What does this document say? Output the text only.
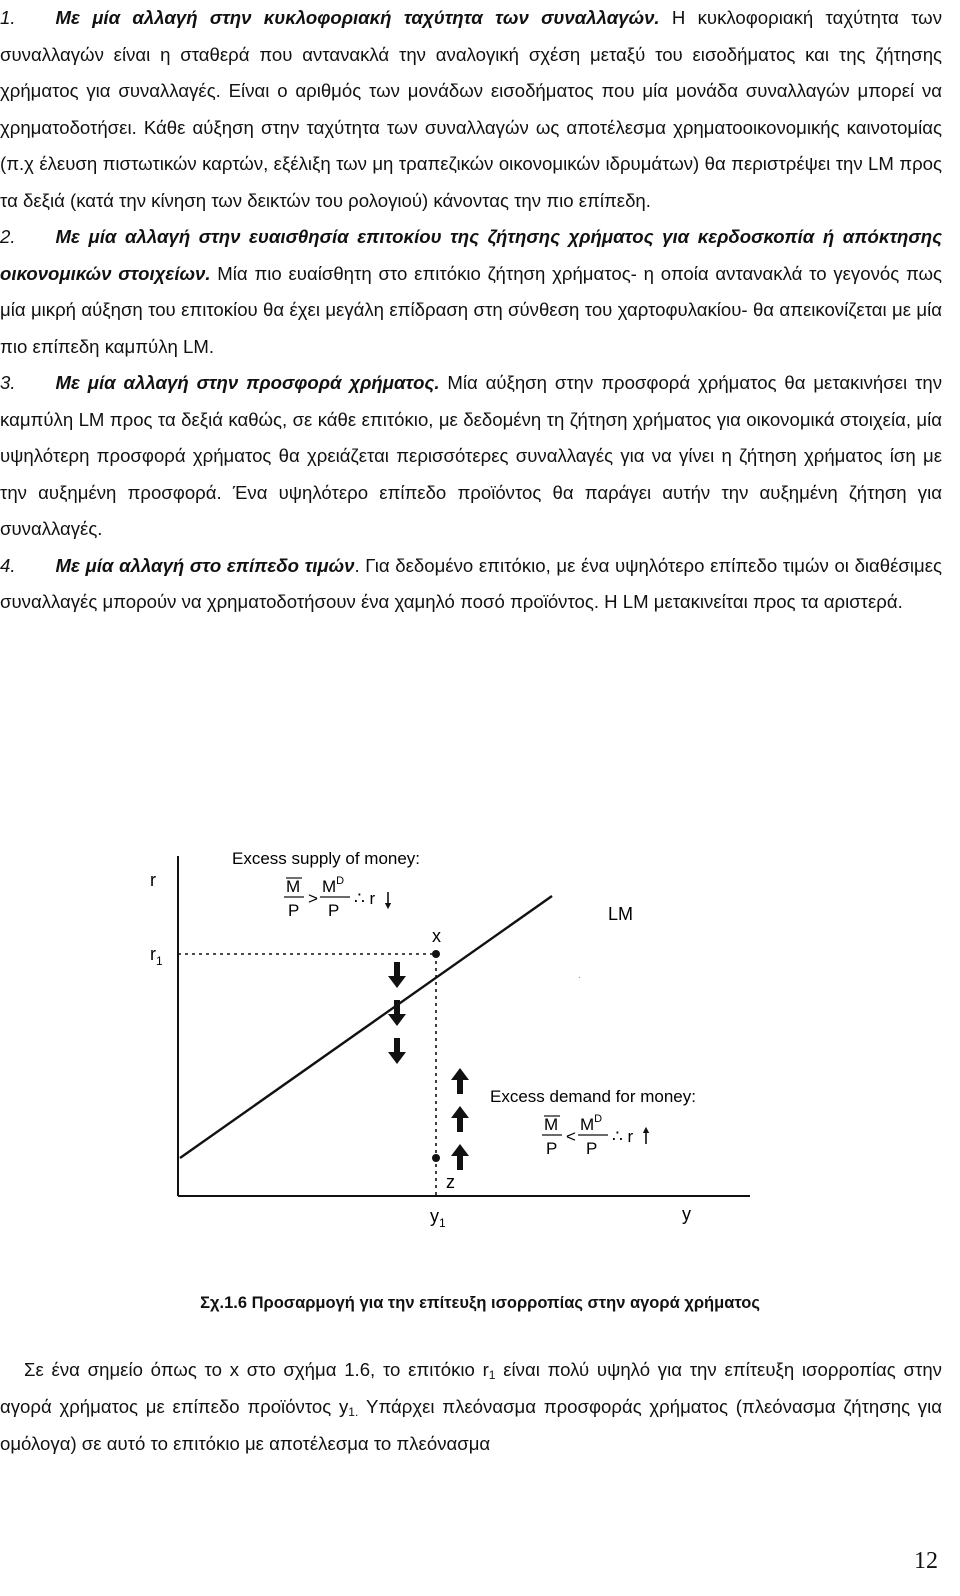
1. Με μία αλλαγή στην κυκλοφοριακή ταχύτητα των συναλλαγών. Η κυκλοφοριακή ταχύτητα των συναλλαγών είναι η σταθερά που αντανακλά την αναλογική σχέση μεταξύ του εισοδήματος και της ζήτησης χρήματος για συναλλαγές. Είναι ο αριθμός των μονάδων εισοδήματος που μία μονάδα συναλλαγών μπορεί να χρηματοδοτήσει. Κάθε αύξηση στην ταχύτητα των συναλλαγών ως αποτέλεσμα χρηματοοικονομικής καινοτομίας (π.χ έλευση πιστωτικών καρτών, εξέλιξη των μη τραπεζικών οικονομικών ιδρυμάτων) θα περιστρέψει την LM προς τα δεξιά (κατά την κίνηση των δεικτών του ρολογιού) κάνοντας την πιο επίπεδη.

2. Με μία αλλαγή στην ευαισθησία επιτοκίου της ζήτησης χρήματος για κερδοσκοπία ή απόκτησης οικονομικών στοιχείων. Μία πιο ευαίσθητη στο επιτόκιο ζήτηση χρήματος- η οποία αντανακλά το γεγονός πως μία μικρή αύξηση του επιτοκίου θα έχει μεγάλη επίδραση στη σύνθεση του χαρτοφυλακίου- θα απεικονίζεται με μία πιο επίπεδη καμπύλη LM.

3. Με μία αλλαγή στην προσφορά χρήματος. Μία αύξηση στην προσφορά χρήματος θα μετακινήσει την καμπύλη LM προς τα δεξιά καθώς, σε κάθε επιτόκιο, με δεδομένη τη ζήτηση χρήματος για οικονομικά στοιχεία, μία υψηλότερη προσφορά χρήματος θα χρειάζεται περισσότερες συναλλαγές για να γίνει η ζήτηση χρήματος ίση με την αυξημένη προσφορά. Ένα υψηλότερο επίπεδο προϊόντος θα παράγει αυτήν την αυξημένη ζήτηση για συναλλαγές.

4. Με μία αλλαγή στο επίπεδο τιμών. Για δεδομένο επιτόκιο, με ένα υψηλότερο επίπεδο τιμών οι διαθέσιμες συναλλαγές μπορούν να χρηματοδοτήσουν ένα χαμηλό ποσό προϊόντος. Η LM μετακινείται προς τα αριστερά.

r
$r_1$
LM
x
z
Excess supply of money:
M
P
>
$M^D$
P
∴ r
Excess demand for money:
M
P
<
$M^D$
P
∴ r
.
$y_1$	y
Σχ.1.6 Προσαρμογή για την επίτευξη ισορροπίας στην αγορά χρήματος

Σε ένα σημείο όπως το x στο σχήμα 1.6, το επιτόκιο $r_1$ είναι πολύ υψηλό για την επίτευξη ισορροπίας στην αγορά χρήματος με επίπεδο προϊόντος $y_{1.}$ Υπάρχει πλεόνασμα προσφοράς χρήματος (πλεόνασμα ζήτησης για ομόλογα) σε αυτό το επιτόκιο με αποτέλεσμα το πλεόνασμα

12
